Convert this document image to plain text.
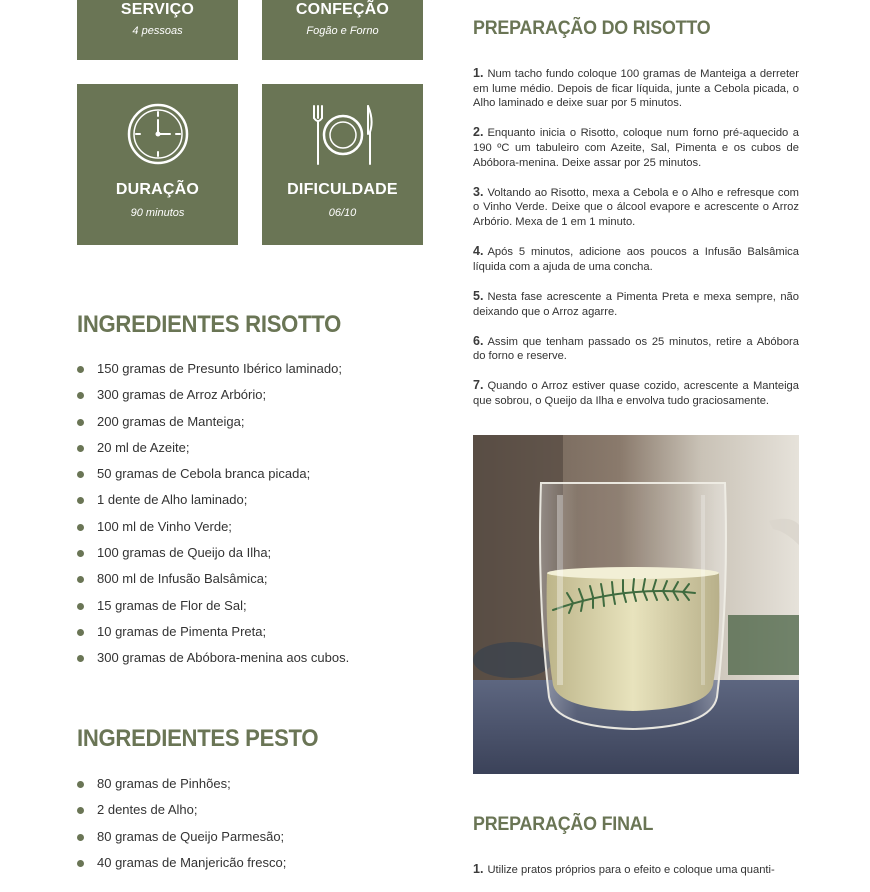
SERVIÇO
4 pessoas
CONFEÇÃO
Fogão e Forno
DURAÇÃO
90 minutos
DIFICULDADE
06/10
INGREDIENTES RISOTTO
150 gramas de Presunto Ibérico laminado;
300 gramas de Arroz Arbório;
200 gramas de Manteiga;
20 ml de Azeite;
50 gramas de Cebola branca picada;
1 dente de Alho laminado;
100 ml de Vinho Verde;
100 gramas de Queijo da Ilha;
800 ml de Infusão Balsâmica;
15 gramas de Flor de Sal;
10 gramas de Pimenta Preta;
300 gramas de Abóbora-menina aos cubos.
INGREDIENTES PESTO
80 gramas de Pinhões;
2 dentes de Alho;
80 gramas de Queijo Parmesão;
40 gramas de Manjericão fresco;
PREPARAÇÃO DO RISOTTO

1. Num tacho fundo coloque 100 gramas de Manteiga a derreter em lume médio. Depois de ficar líquida, junte a Cebola picada, o Alho laminado e deixe suar por 5 minutos.

2. Enquanto inicia o Risotto, coloque num forno pré-aquecido a 190 ºC um tabuleiro com Azeite, Sal, Pimenta e os cubos de Abóbora-menina. Deixe assar por 25 minutos.

3. Voltando ao Risotto, mexa a Cebola e o Alho e refresque com o Vinho Verde. Deixe que o álcool evapore e acrescente o Arroz Arbório. Mexa de 1 em 1 minuto.

4. Após 5 minutos, adicione aos poucos a Infusão Balsâmica líquida com a ajuda de uma concha.

5. Nesta fase acrescente a Pimenta Preta e mexa sempre, não deixando que o Arroz agarre.

6. Assim que tenham passado os 25 minutos, retire a Abóbora do forno e reserve.

7. Quando o Arroz estiver quase cozido, acrescente a Manteiga que sobrou, o Queijo da Ilha e envolva tudo graciosamente.

PREPARAÇÃO FINAL

1. Utilize pratos próprios para o efeito e coloque uma quanti-
